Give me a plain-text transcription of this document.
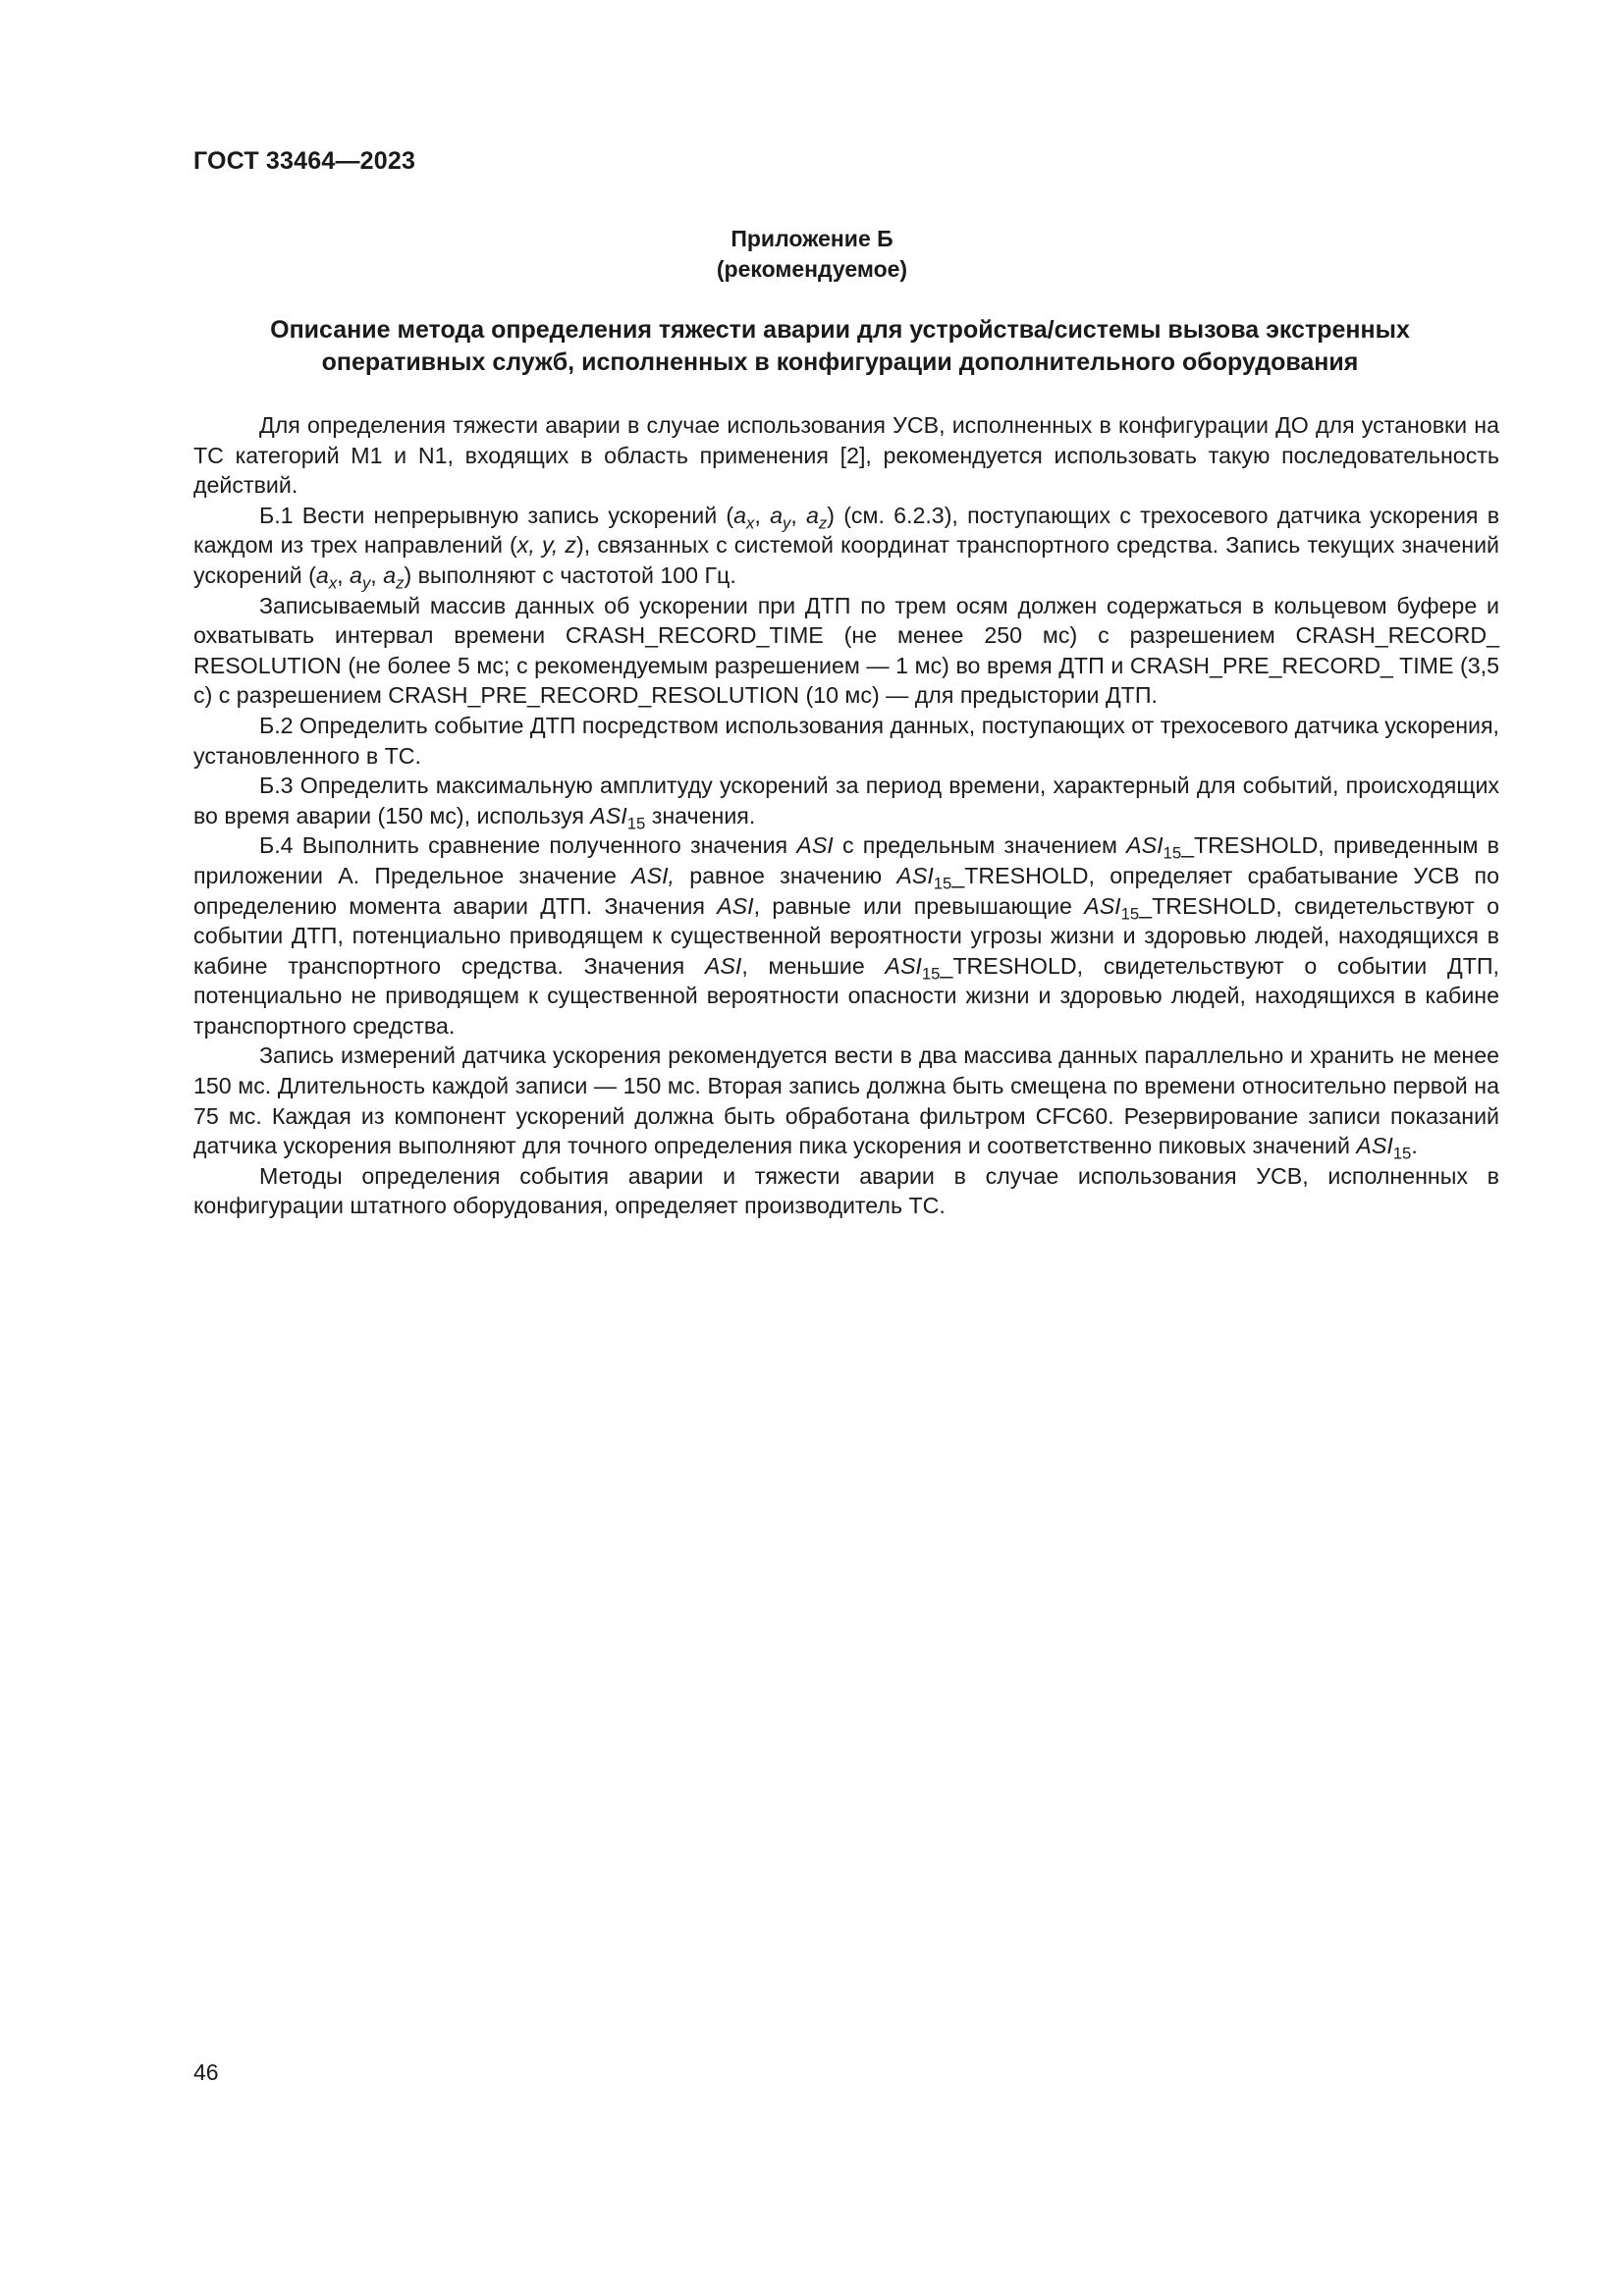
ГОСТ 33464—2023
Приложение Б
(рекомендуемое)
Описание метода определения тяжести аварии для устройства/системы вызова экстренных
оперативных служб, исполненных в конфигурации дополнительного оборудования

Для определения тяжести аварии в случае использования УСВ, исполненных в конфигурации ДО для установки на ТС категорий М1 и N1, входящих в область применения [2], рекомендуется использовать такую последовательность действий.

Б.1 Вести непрерывную запись ускорений ($a_x$, $a_y$, $a_z$) (см. 6.2.3), поступающих с трехосевого датчика ускорения в каждом из трех направлений (x, y, z), связанных с системой координат транспортного средства. Запись текущих значений ускорений ($a_x$, $a_y$, $a_z$) выполняют с частотой 100 Гц.

Записываемый массив данных об ускорении при ДТП по трем осям должен содержаться в кольцевом буфере и охватывать интервал времени CRASH_RECORD_TIME (не менее 250 мс) с разрешением CRASH_RECORD_ RESOLUTION (не более 5 мс; с рекомендуемым разрешением — 1 мс) во время ДТП и CRASH_PRE_RECORD_ TIME (3,5 с) с разрешением CRASH_PRE_RECORD_RESOLUTION (10 мс) — для предыстории ДТП.

Б.2 Определить событие ДТП посредством использования данных, поступающих от трехосевого датчика ускорения, установленного в ТС.

Б.3 Определить максимальную амплитуду ускорений за период времени, характерный для событий, происходящих во время аварии (150 мс), используя $ASI_{15}$ значения.

Б.4 Выполнить сравнение полученного значения ASI с предельным значением $ASI_{15}\_TRESHOLD$, приведенным в приложении А. Предельное значение ASI, равное значению $ASI_{15}\_TRESHOLD$, определяет срабатывание УСВ по определению момента аварии ДТП. Значения ASI, равные или превышающие $ASI_{15}\_TRESHOLD$, свидетельствуют о событии ДТП, потенциально приводящем к существенной вероятности угрозы жизни и здоровью людей, находящихся в кабине транспортного средства. Значения ASI, меньшие $ASI_{15}\_TRESHOLD$, свидетельствуют о событии ДТП, потенциально не приводящем к существенной вероятности опасности жизни и здоровью людей, находящихся в кабине транспортного средства.

Запись измерений датчика ускорения рекомендуется вести в два массива данных параллельно и хранить не менее 150 мс. Длительность каждой записи — 150 мс. Вторая запись должна быть смещена по времени относительно первой на 75 мс. Каждая из компонент ускорений должна быть обработана фильтром CFC60. Резервирование записи показаний датчика ускорения выполняют для точного определения пика ускорения и соответственно пиковых значений $ASI_{15}$.

Методы определения события аварии и тяжести аварии в случае использования УСВ, исполненных в конфигурации штатного оборудования, определяет производитель ТС.

46
